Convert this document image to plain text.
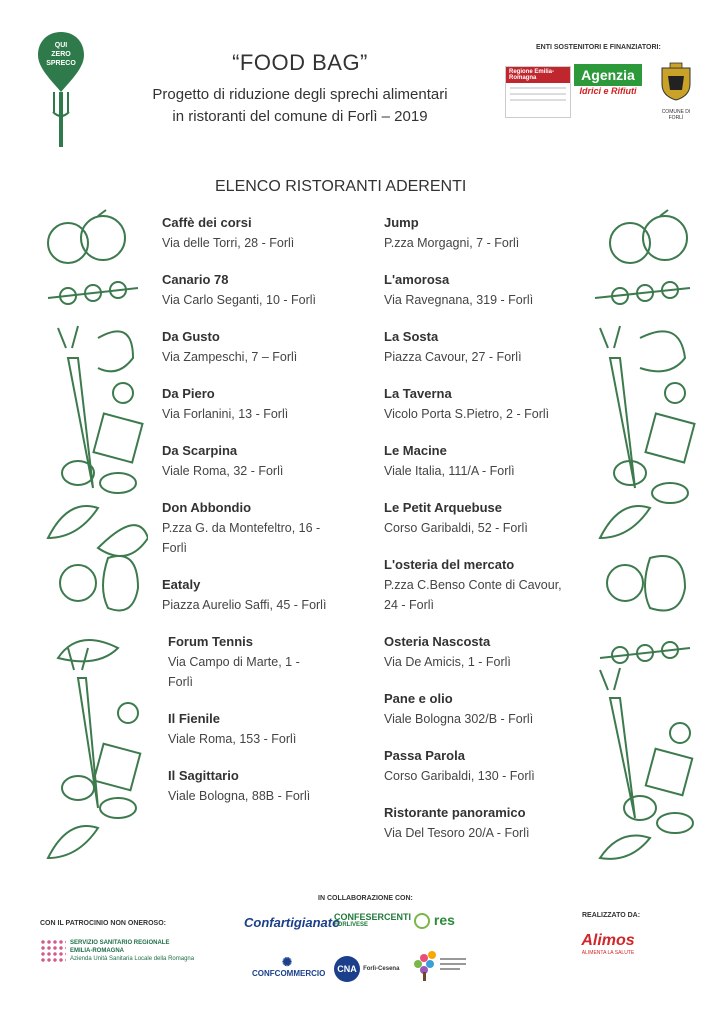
QUI
ZERO
SPRECO	“FOOD BAG”
Progetto di riduzione degli sprechi alimentari
in ristoranti del comune di Forlì – 2019
ENTI SOSTENITORI E FINANZIATORI:
Regione Emilia-Romagna	Agenzia
Idrici e Rifiuti
COMUNE DI FORLÌ
ELENCO RISTORANTI ADERENTI
Caffè dei corsi
Via delle Torri, 28 - Forlì
Canario 78
Via Carlo Seganti, 10 - Forlì
Da Gusto
Via Zampeschi, 7 – Forlì
Da Piero
Via Forlanini, 13 - Forlì
Da Scarpina
Viale Roma, 32 - Forlì
Don Abbondio
P.zza G. da Montefeltro, 16 -
Forlì
Eataly
Piazza Aurelio Saffi, 45 - Forlì
Forum Tennis
Via Campo di Marte, 1 -
Forlì
Il Fienile
Viale Roma, 153 - Forlì
Il Sagittario
Viale Bologna, 88B - Forlì
Jump
P.zza Morgagni, 7 - Forlì
L'amorosa
Via Ravegnana, 319 - Forlì
La Sosta
Piazza Cavour, 27 - Forlì
La Taverna
Vicolo Porta S.Pietro, 2 - Forlì
Le Macine
Viale Italia, 111/A - Forlì
Le Petit Arquebuse
Corso Garibaldi, 52 - Forlì
L'osteria del mercato
P.zza C.Benso Conte di Cavour,
24 - Forlì
Osteria Nascosta
Via De Amicis, 1 - Forlì
Pane e olio
Viale Bologna 302/B - Forlì
Passa Parola
Corso Garibaldi, 130 - Forlì
Ristorante panoramico
Via Del Tesoro 20/A - Forlì
CON IL PATROCINIO NON ONEROSO:
SERVIZIO SANITARIO REGIONALE
EMILIA-ROMAGNA
Azienda Unità Sanitaria Locale della Romagna
IN COLLABORAZIONE CON:
Confartigianato
CONFESERCENTI
FORLIVESE	res
✺
CONFCOMMERCIO	CNA Forlì-Cesena
REALIZZATO DA:
Alimos
ALIMENTA LA SALUTE
